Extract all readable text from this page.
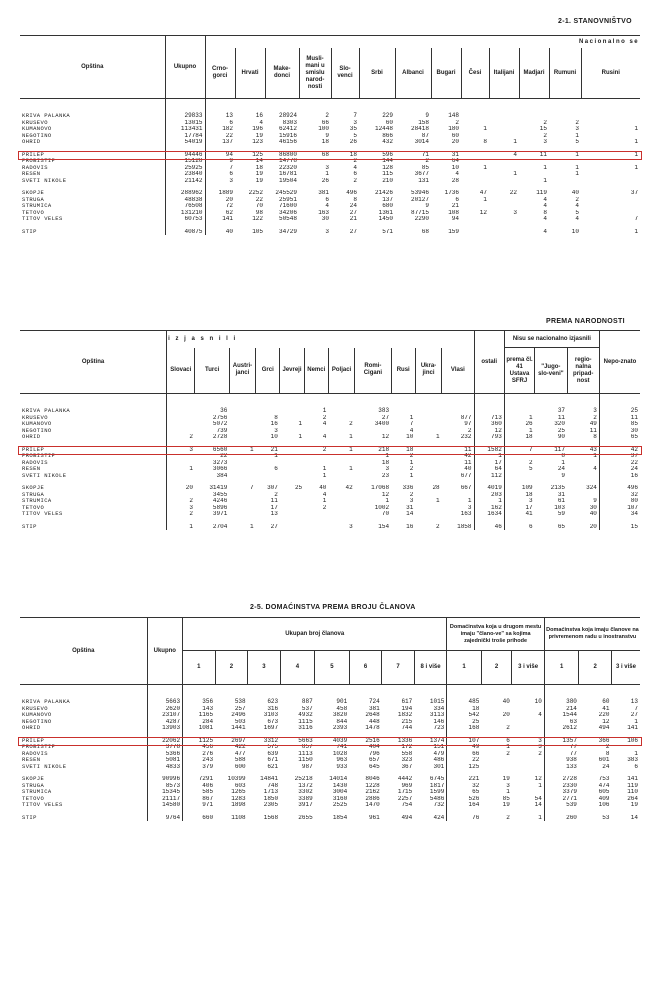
2-1. STANOVNIŠTVO
Opština	Ukupno	Nacionalno se												
		Crno-gorci	Hrvati	Make-donci	Musli-mani u smislu narod-nosti	Slo-venci	Srbi	Albanci	Bugari	Česi	Italijani	Madjari	Rumuni	Rusini
KRIVA PALANKA	29833	13	16	28924	2	7	229	9	148					
KRUŠEVO	13015	6	4	8303	66	3	60	158	2			2	2	
KUMANOVO	113431	182	196	62412	100	35	12448	28418	180	1		15	3	1
NEGOTINO	17784	22	19	15916	9	5	866	87	60			2	1	
OHRID	54019	137	123	46156	18	26	432	3014	20	8	1	3	5	1

PRILEP	94446	94	125	86800	68	18	596	71	31		4	11	1	1
PROBIŠTIP	15128	9	14	14778		2	144	2	64					
RADOVIŠ	25925	7	18	22320	3	4	128	85	10	1		1	1	1
RESEN	23840	6	19	16781	1	6	115	3677	4		1		1	
SVETI NIKOLE	21142	3	19	19504	26	2	210	131	28			1		

SKOPJE	288962	1889	2252	245529	381	496	21426	53946	1736	47	22	119	40	37
STRUGA	48838	20	22	25951	6	8	137	20127	6	1		4	2	
STRUMICA	76508	72	70	71600	4	24	680	9	21			4	4	
TETOVO	131210	62	98	34206	163	27	1361	87715	108	12	3	8	5	
TITOV VELES	60753	141	122	50548	30	21	1450	2290	94			4	4	7

ŠTIP	40875	40	105	34729	3	27	571	68	159			4	10	1
PREMA NARODNOSTI
Opština	i z j a s n i l i											ostali	Nisu se nacionalno izjasnili			Nepo-znato
	Slovaci	Turci	Austri-janci	Grci	Jevreji	Nemci	Poljaci	Romi-Cigani	Rusi	Ukra-jinci	Vlasi		prema čl. 41 Ustava SFRJ	"Jugo-slo-veni"	regio-nalna pripad-nost	
KRIVA PALANKA		36				1		383						37	3	25
KRUŠEVO		2756		8		2		27	1		877	713	1	11	2	11
KUMANOVO		5072		16	1	4	2	3400	7		97	360	26	320	49	85
NEGOTINO		739		3					4		2	12	1	25	11	30
OHRID	2	2728		10	1	4	1	12	10	1	232	793	18	90	8	65

PRILEP	3	6560	1	21		2	1	218	18		11	1582	7	117	43	42
PROBIŠTIP		22		1				1	2		42	1		8	1	37
RADOVIŠ		3273						18	1		11	17	2	1		22
RESEN	1	3066		6		1	1	3	2		40	64	5	24	4	24
SVETI NIKOLE		384				1		23	1		677	112		9		16

SKOPJE	20	31419	7	307	25	40	42	17068	336	28	667	4019	109	2135	324	496
STRUGA		3455		2		4		12	2			203	18	31		32
STRUMICA	2	4246		11		1		1	3	1	1	1	3	61	9	80
TETOVO	3	5896		17		2		1002	31		3	162	17	103	30	107
TITOV VELES	2	3971		13				70	14		163	1634	41	59	40	34

ŠTIP	1	2704	1	27			3	154	16	2	1858	46	6	65	20	15
2-5. DOMAĆINSTVA PREMA BROJU ČLANOVA
Opština	Ukupno	Ukupan broj članova								Domaćinstva koja u drugom mestu imaju "člano-ve" sa kojima zajednički troše prihode			Domaćinstva koja imaju članove na privremenom radu u inostranstvu		
		1	2	3	4	5	6	7	8 i više	1	2	3 i više	1	2	3 i više
KRIVA PALANKA	5663	356	538	623	887	901	724	617	1015	485	40	10	380	60	13
KRUŠEVO	2620	143	257	316	537	458	381	194	334	18			214	41	7
KUMANOVO	23107	1165	2496	3103	4932	3820	2648	1832	3113	542	20	4	1544	220	27
NEGOTINO	4287	284	503	673	1115	844	448	215	146	25			63	12	1
OHRID	13903	1081	1441	1697	3116	2393	1478	744	723	168	2		2612	494	141

PRILEP	22062	1125	2697	3312	5663	4039	2516	1336	1374	107	6	3	1357	366	106
PROBIŠTIP	3778	456	422	575	857	741	404	172	151	49	1	3	77	2	
RADOVIŠ	5366	276	477	639	1113	1028	796	558	479	66	2	2	77	8	1
RESEN	5081	243	588	671	1150	963	657	323	486	22			938	601	383
SVETI NIKOLE	4833	379	600	621	987	933	645	367	301	125			133	24	6

SKOPJE	90996	7291	10399	14841	25218	14014	8046	4442	6745	221	19	12	2728	753	141
STRUGA	8573	406	603	748	1372	1430	1228	969	1817	32	3	1	2330	474	119
STRUMICA	15345	585	1265	1713	3302	3004	2162	1715	1599	65	1		3379	605	110
TETOVO	21117	867	1283	1850	3389	3160	2886	2257	5486	526	85	54	2771	409	264
TITOV VELES	14580	971	1898	2305	3917	2525	1470	754	732	164	19	14	539	106	19

ŠTIP	9764	660	1108	1568	2655	1854	961	494	424	76	2	1	260	53	14
